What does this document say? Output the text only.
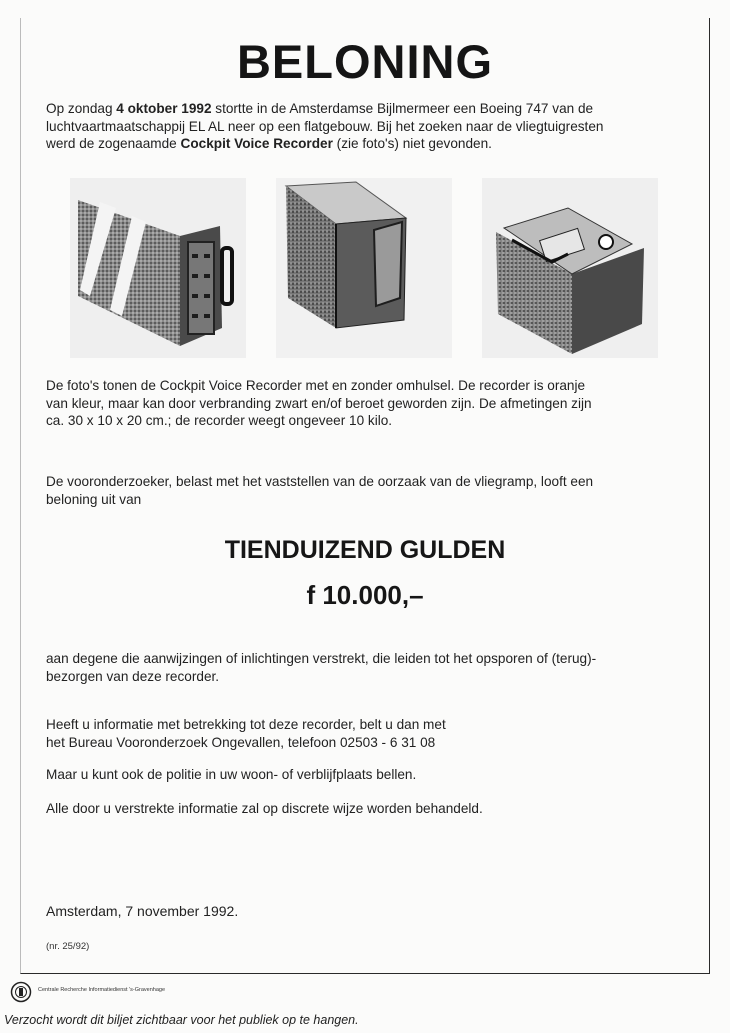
BELONING
Op zondag 4 oktober 1992 stortte in de Amsterdamse Bijlmermeer een Boeing 747 van de
luchtvaartmaatschappij EL AL neer op een flatgebouw. Bij het zoeken naar de vliegtuigresten
werd de zogenaamde Cockpit Voice Recorder (zie foto's) niet gevonden.
De foto's tonen de Cockpit Voice Recorder met en zonder omhulsel. De recorder is oranje
van kleur, maar kan door verbranding zwart en/of beroet geworden zijn. De afmetingen zijn
ca. 30 x 10 x 20 cm.; de recorder weegt ongeveer 10 kilo.
De vooronderzoeker, belast met het vaststellen van de oorzaak van de vliegramp, looft een
beloning uit van
TIENDUIZEND GULDEN
f 10.000,–
aan degene die aanwijzingen of inlichtingen verstrekt, die leiden tot het opsporen of (terug)-
bezorgen van deze recorder.
Heeft u informatie met betrekking tot deze recorder, belt u dan met
het Bureau Vooronderzoek Ongevallen, telefoon 02503 - 6 31 08
Maar u kunt ook de politie in uw woon- of verblijfplaats bellen.
Alle door u verstrekte informatie zal op discrete wijze worden behandeld.
Amsterdam, 7 november 1992.
(nr. 25/92)
Centrale Recherche Informatiedienst 's-Gravenhage
Verzocht wordt dit biljet zichtbaar voor het publiek op te hangen.
